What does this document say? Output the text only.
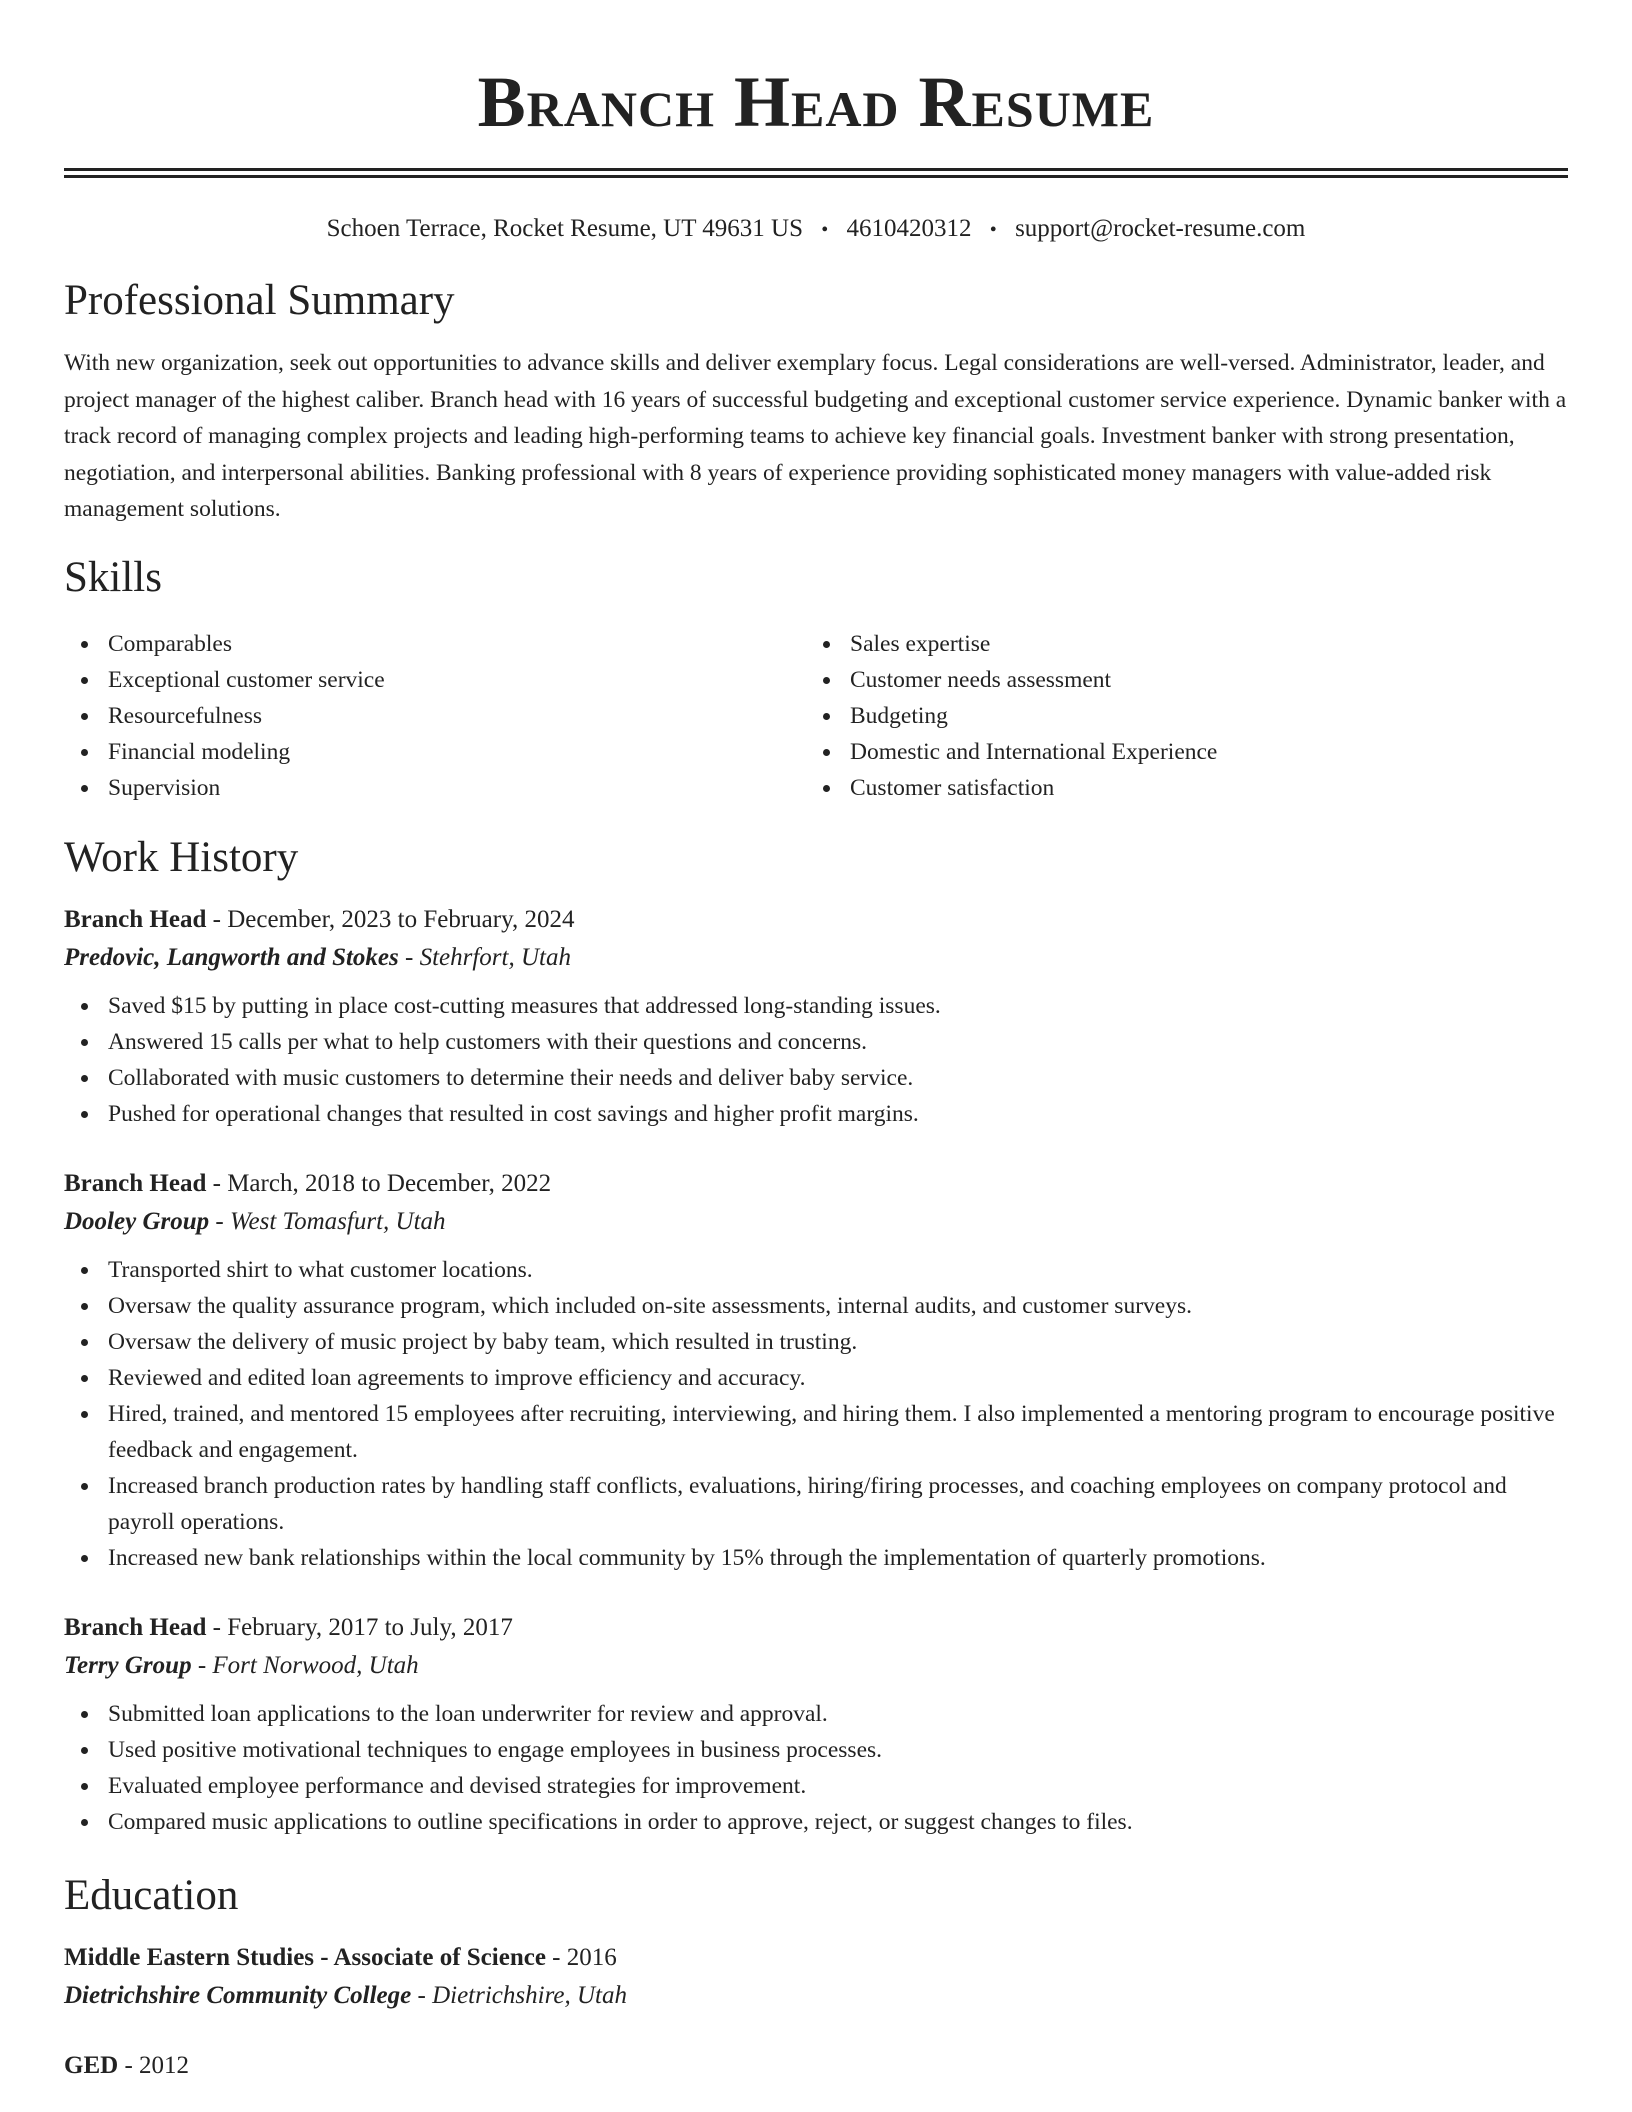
Branch Head Resume
Schoen Terrace, Rocket Resume, UT 49631 US • 4610420312 • support@rocket-resume.com
Professional Summary

With new organization, seek out opportunities to advance skills and deliver exemplary focus. Legal considerations are well-versed. Administrator, leader, and project manager of the highest caliber. Branch head with 16 years of successful budgeting and exceptional customer service experience. Dynamic banker with a track record of managing complex projects and leading high-performing teams to achieve key financial goals. Investment banker with strong presentation, negotiation, and interpersonal abilities. Banking professional with 8 years of experience providing sophisticated money managers with value-added risk management solutions.

Skills
Comparables
Exceptional customer service
Resourcefulness
Financial modeling
Supervision
Sales expertise
Customer needs assessment
Budgeting
Domestic and International Experience
Customer satisfaction
Work History

Branch Head - December, 2023 to February, 2024

Predovic, Langworth and Stokes - Stehrfort, Utah

Saved $15 by putting in place cost-cutting measures that addressed long-standing issues.
Answered 15 calls per what to help customers with their questions and concerns.
Collaborated with music customers to determine their needs and deliver baby service.
Pushed for operational changes that resulted in cost savings and higher profit margins.

Branch Head - March, 2018 to December, 2022

Dooley Group - West Tomasfurt, Utah

Transported shirt to what customer locations.
Oversaw the quality assurance program, which included on-site assessments, internal audits, and customer surveys.
Oversaw the delivery of music project by baby team, which resulted in trusting.
Reviewed and edited loan agreements to improve efficiency and accuracy.
Hired, trained, and mentored 15 employees after recruiting, interviewing, and hiring them. I also implemented a mentoring program to encourage positive feedback and engagement.
Increased branch production rates by handling staff conflicts, evaluations, hiring/firing processes, and coaching employees on company protocol and payroll operations.
Increased new bank relationships within the local community by 15% through the implementation of quarterly promotions.

Branch Head - February, 2017 to July, 2017

Terry Group - Fort Norwood, Utah

Submitted loan applications to the loan underwriter for review and approval.
Used positive motivational techniques to engage employees in business processes.
Evaluated employee performance and devised strategies for improvement.
Compared music applications to outline specifications in order to approve, reject, or suggest changes to files.
Education

Middle Eastern Studies - Associate of Science - 2016

Dietrichshire Community College - Dietrichshire, Utah

GED - 2012
